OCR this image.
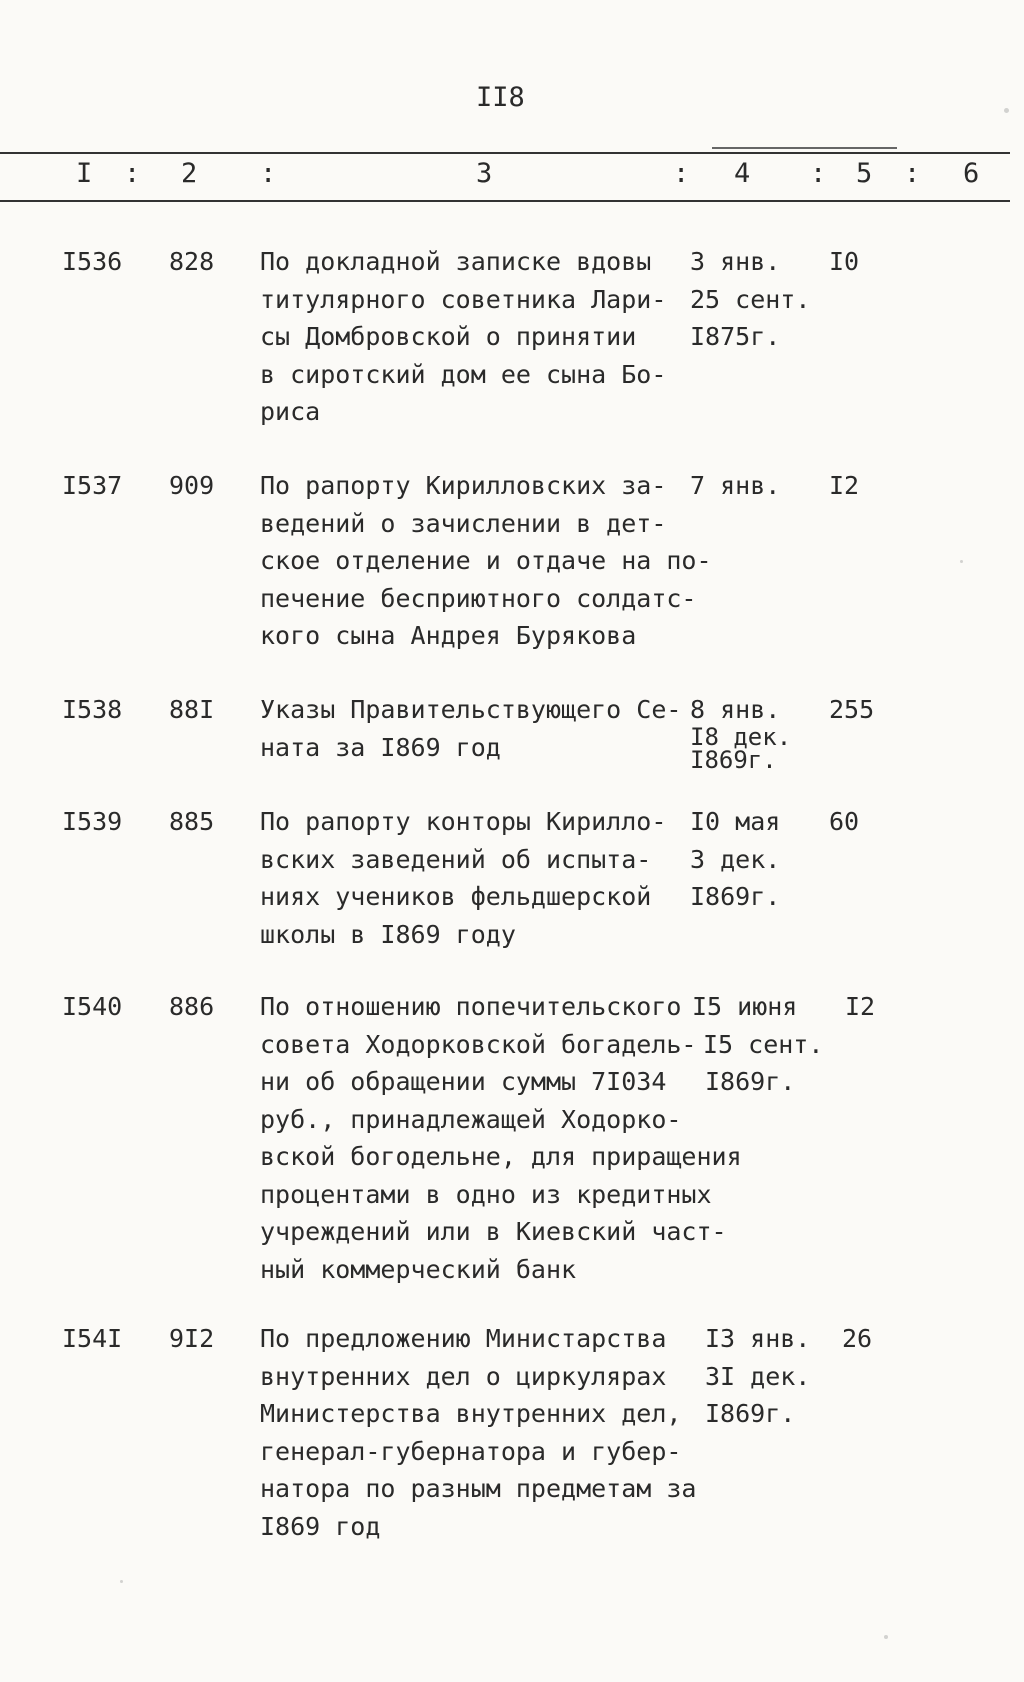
II8
I : 2 :	3	: 4 : 5 : 6
I536 828 По докладной записке вдовы
титулярного советника Лари-
сы Домбровской о принятии
в сиротский дом ее сына Бо-
риса
3 янв.
25 сент.
I875г.
I0
I537 909 По рапорту Кирилловских за-
ведений о зачислении в дет-
ское отделение и отдаче на по-
печение бесприютного солдатс-
кого сына Андрея Бурякова
7 янв. I2
I538 88I Указы Правительствующего Се-
ната за I869 год
8 янв.
I8 дек.
I869г.
255
I539 885 По рапорту конторы Кирилло-
вских заведений об испыта-
ниях учеников фельдшерской
школы в I869 году
I0 мая
3 дек.
I869г.
60
I540 886 По отношению попечительского
совета Ходорковской богадель-
ни об обращении суммы 7I034
руб., принадлежащей Ходорко-
вской богодельне, для приращения
процентами в одно из кредитных
учреждений или в Киевский част-
ный коммерческий банк
I5 июня
I5 сент.
I869г.
I2
I54I 9I2 По предложению Министарства
внутренних дел о циркулярах
Министерства внутренних дел,
генерал-губернатора и губер-
натора по разным предметам за
I869 год
I3 янв.
3I дек.
I869г.
26
